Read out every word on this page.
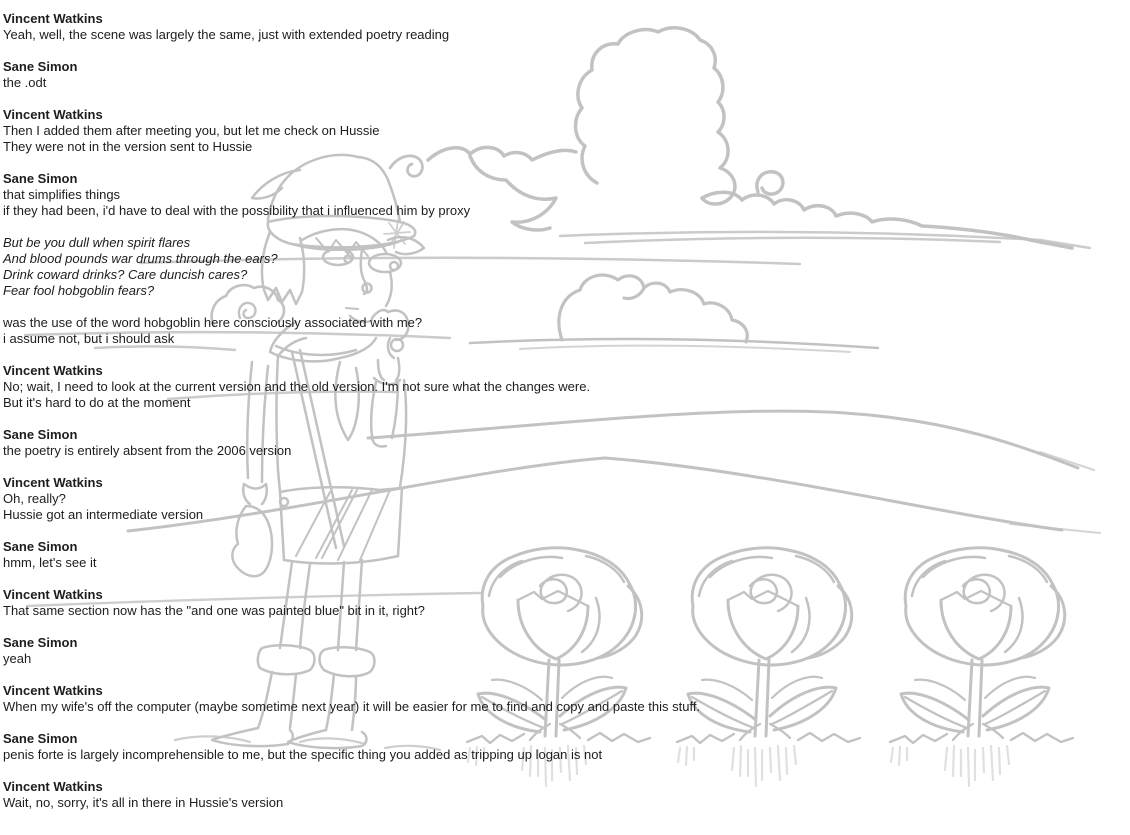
Vincent Watkins

Yeah, well, the scene was largely the same, just with extended poetry reading

Sane Simon

the .odt

Vincent Watkins

Then I added them after meeting you, but let me check on Hussie

They were not in the version sent to Hussie

Sane Simon

that simplifies things

if they had been, i'd have to deal with the possibility that i influenced him by proxy

But be you dull when spirit flares

And blood pounds war drums through the ears?

Drink coward drinks? Care duncish cares?

Fear fool hobgoblin fears?

was the use of the word hobgoblin here consciously associated with me?

i assume not, but i should ask

Vincent Watkins

No; wait, I need to look at the current version and the old version. I'm not sure what the changes were.

But it's hard to do at the moment

Sane Simon

the poetry is entirely absent from the 2006 version

Vincent Watkins

Oh, really?

Hussie got an intermediate version

Sane Simon

hmm, let's see it

Vincent Watkins

That same section now has the "and one was painted blue" bit in it, right?

Sane Simon

yeah

Vincent Watkins

When my wife's off the computer (maybe sometime next year) it will be easier for me to find and copy and paste this stuff.

Sane Simon

penis forte is largely incomprehensible to me, but the specific thing you added as tripping up logan is not

Vincent Watkins

Wait, no, sorry, it's all in there in Hussie's version
